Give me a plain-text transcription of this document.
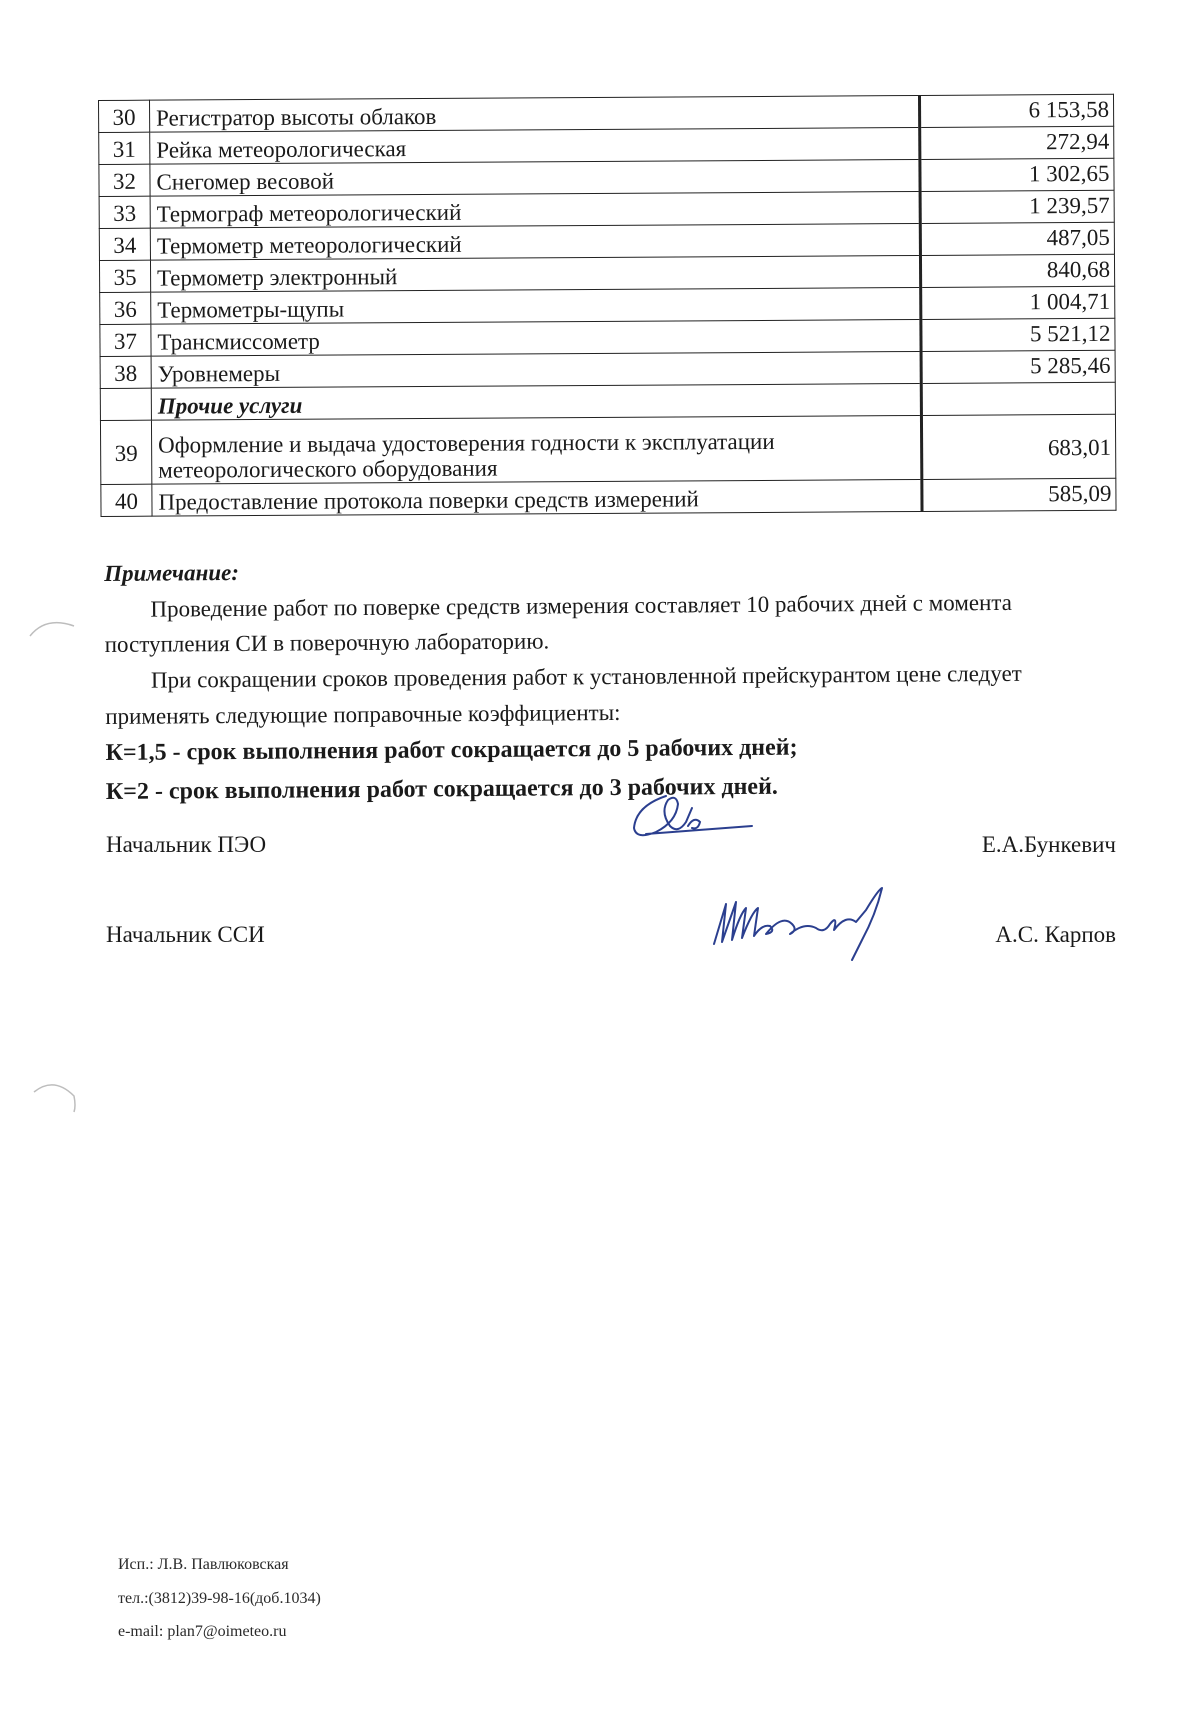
30	Регистратор высоты облаков	6 153,58
31	Рейка метеорологическая	272,94
32	Снегомер весовой	1 302,65
33	Термограф метеорологический	1 239,57
34	Термометр метеорологический	487,05
35	Термометр электронный	840,68
36	Термометры-щупы	1 004,71
37	Трансмиссометр	5 521,12
38	Уровнемеры	5 285,46
	Прочие услуги	
39	Оформление и выдача удостоверения годности к эксплуатации
метеорологического оборудования	683,01
40	Предоставление протокола поверки средств измерений	585,09

Примечание:

Проведение работ по поверке средств измерения составляет 10 рабочих дней с момента поступления СИ в поверочную лабораторию.

При сокращении сроков проведения работ к установленной прейскурантом цене следует применять следующие поправочные коэффициенты:

К=1,5 - срок выполнения работ сокращается до 5 рабочих дней;

К=2 - срок выполнения работ сокращается до 3 рабочих дней.

Начальник ПЭО	Е.А.Бункевич
Начальник ССИ	А.С. Карпов
Исп.: Л.В. Павлюковская
тел.:(3812)39-98-16(доб.1034)
e-mail: plan7@oimeteo.ru
